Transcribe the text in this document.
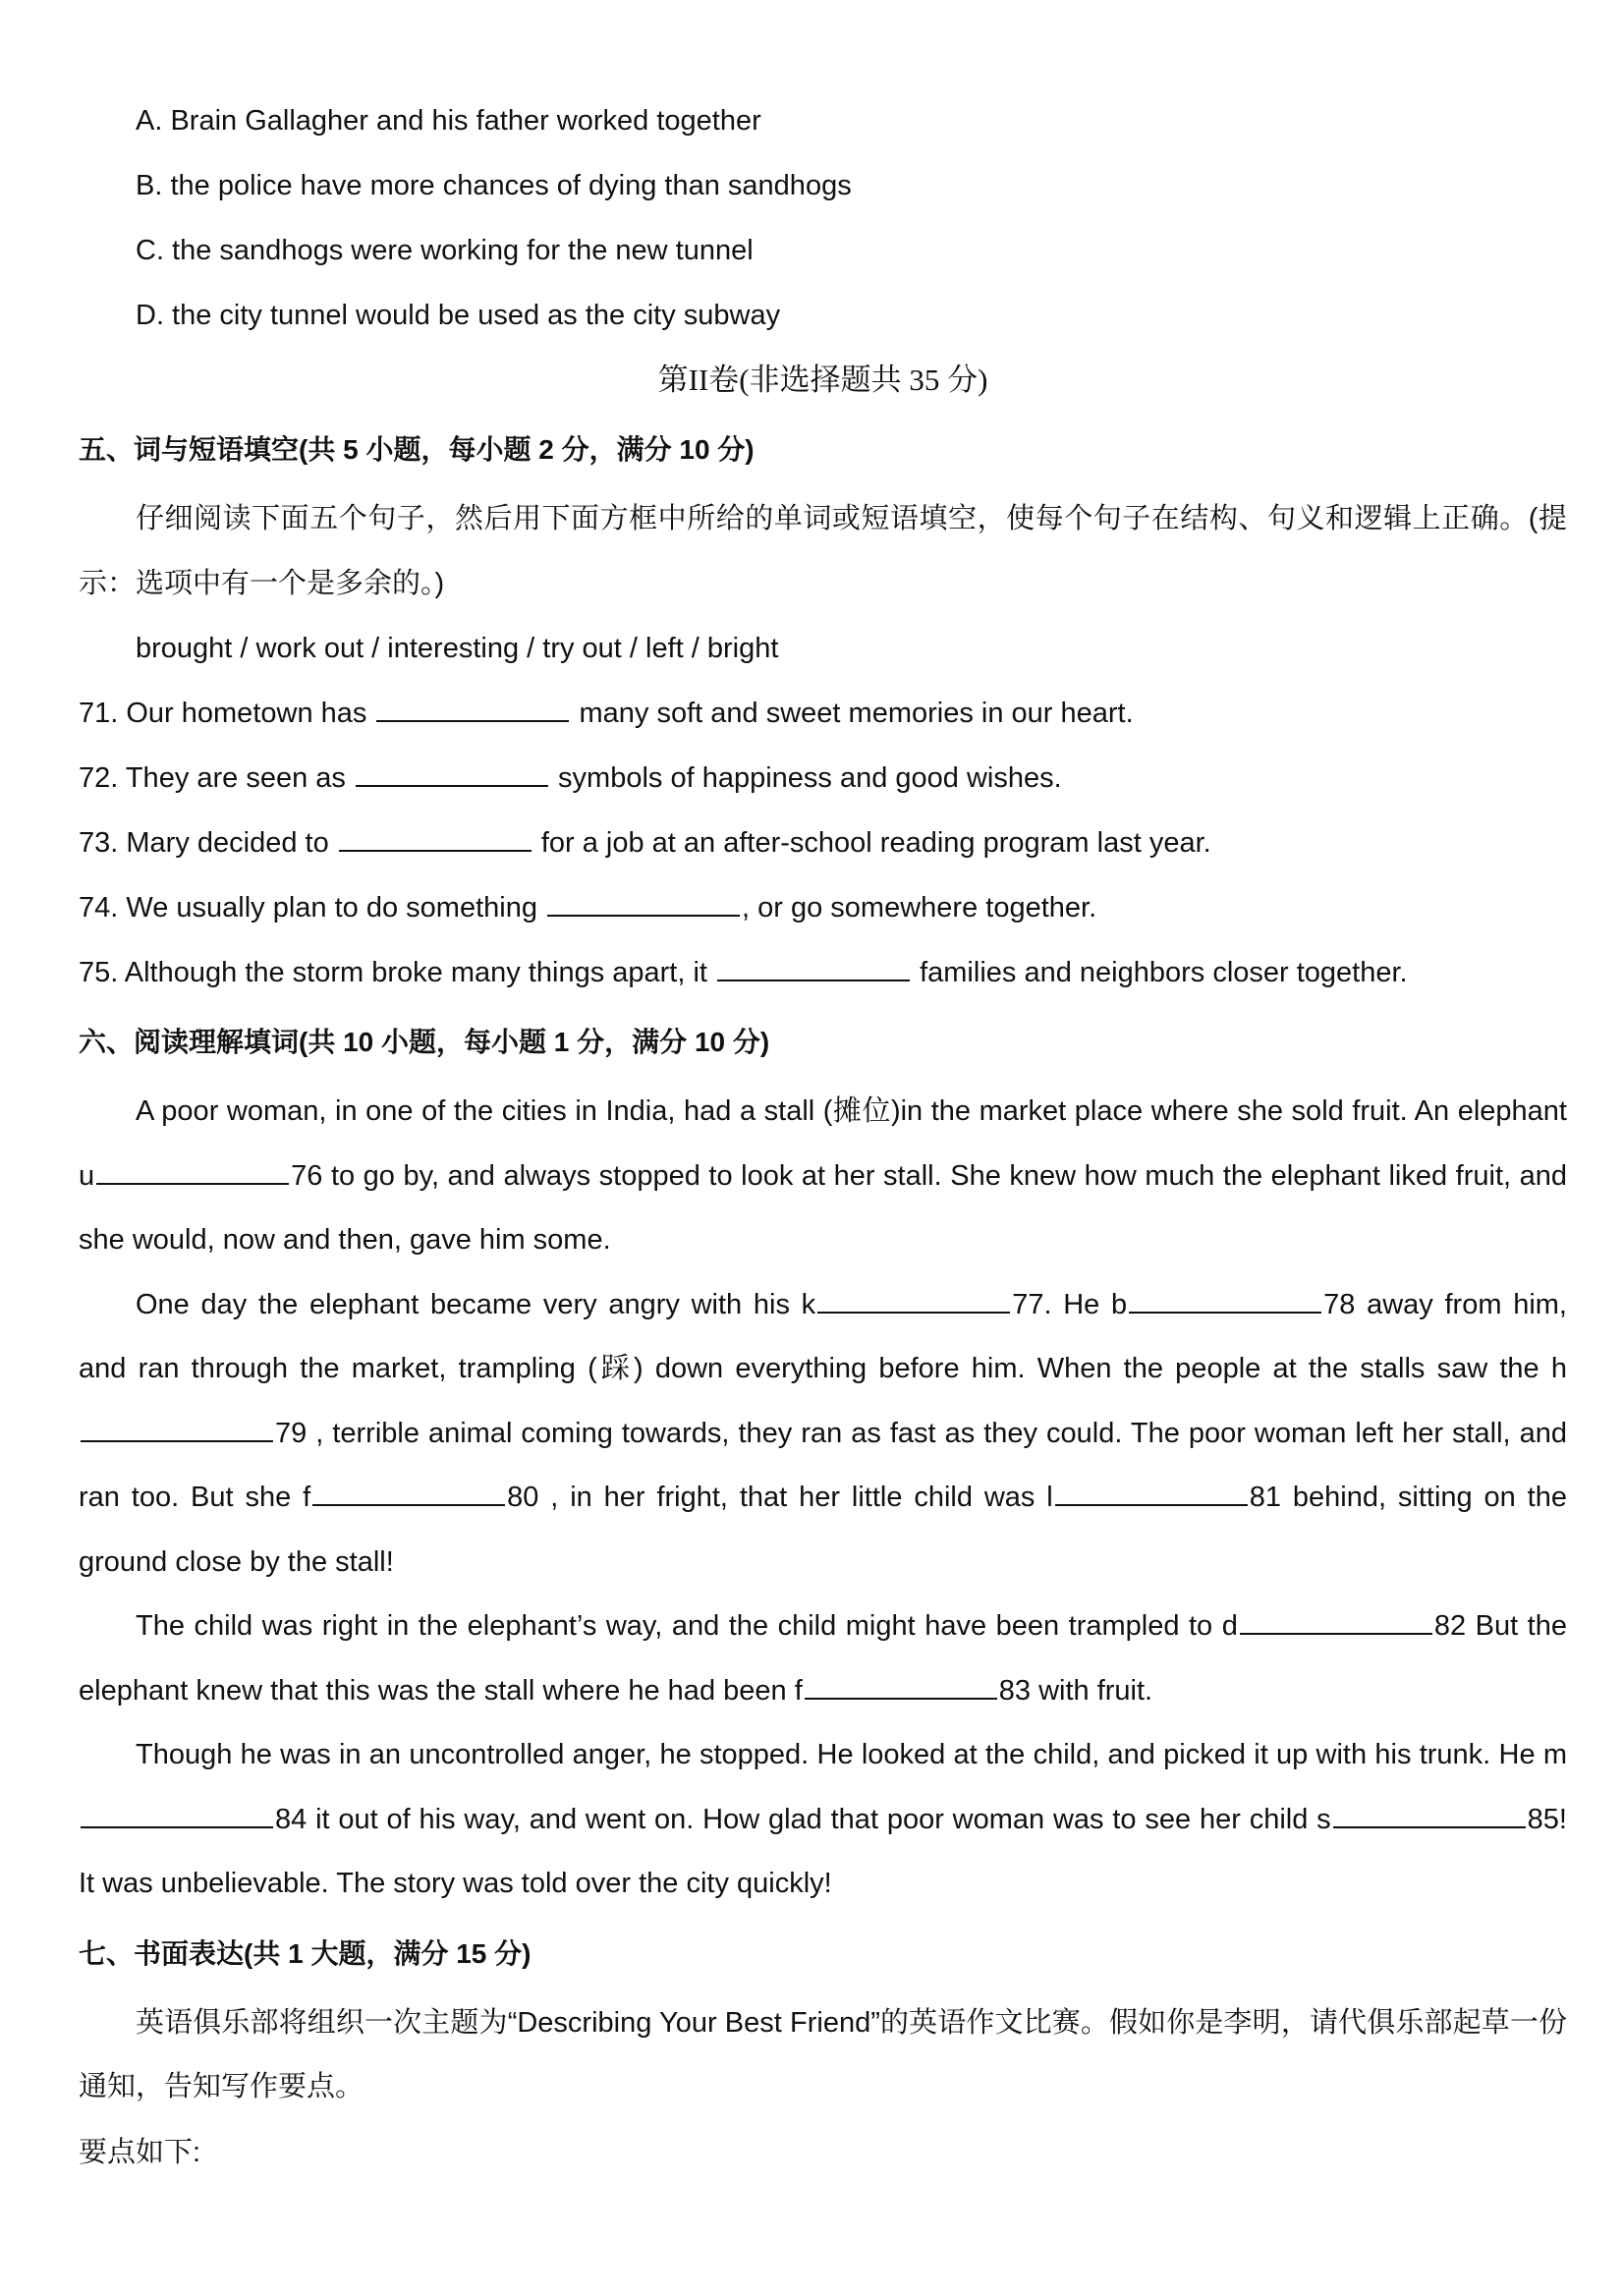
A. Brain Gallagher and his father worked together
B. the police have more chances of dying than sandhogs
C. the sandhogs were working for the new tunnel
D. the city tunnel would be used as the city subway
第II卷(非选择题共 35 分)
五、词与短语填空(共 5 小题，每小题 2 分，满分 10 分)
仔细阅读下面五个句子，然后用下面方框中所给的单词或短语填空，使每个句子在结构、句义和逻辑上正确。(提示：选项中有一个是多余的。)
brought / work out / interesting / try out / left / bright
71. Our hometown has	many soft and sweet memories in our heart.
72. They are seen as	symbols of happiness and good wishes.
73. Mary decided to	for a job at an after-school reading program last year.
74. We usually plan to do something	, or go somewhere together.
75. Although the storm broke many things apart, it	families and neighbors closer together.
六、阅读理解填词(共 10 小题，每小题 1 分，满分 10 分)
A poor woman, in one of the cities in India, had a stall (摊位)in the market place where she sold fruit. An elephant u	76 to go by, and always stopped to look at her stall. She knew how much the elephant liked fruit, and she would, now and then, gave him some.
One day the elephant became very angry with his k	77. He b	78 away from him, and ran through the market, trampling (踩) down everything before him. When the people at the stalls saw the h79 , terrible animal coming towards, they ran as fast as they could. The poor woman left her stall, and ran too. But she f	80 , in her fright, that her little child was l	81 behind, sitting on the ground close by the stall!
The child was right in the elephant’s way, and the child might have been trampled to d	82 But the elephant knew that this was the stall where he had been f	83 with fruit.
Though he was in an uncontrolled anger, he stopped. He looked at the child, and picked it up with his trunk. He m84 it out of his way, and went on. How glad that poor woman was to see her child s	85! It was unbelievable. The story was told over the city quickly!
七、书面表达(共 1 大题，满分 15 分)
英语俱乐部将组织一次主题为“Describing Your Best Friend”的英语作文比赛。假如你是李明，请代俱乐部起草一份通知，告知写作要点。
要点如下:
